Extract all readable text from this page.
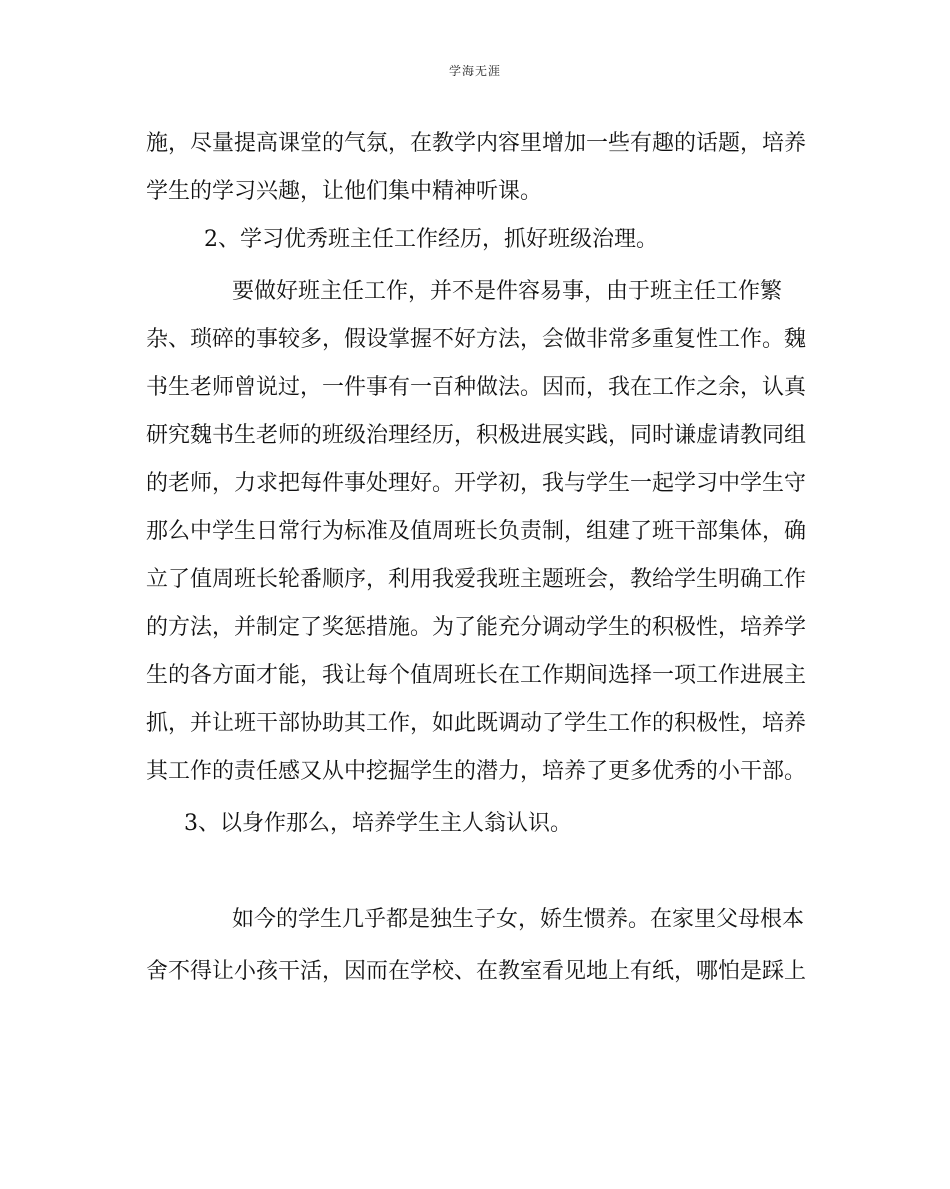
学海无涯
施，尽量提高课堂的气氛，在教学内容里增加一些有趣的话题，培养
学生的学习兴趣，让他们集中精神听课。
2、学习优秀班主任工作经历，抓好班级治理。
要做好班主任工作，并不是件容易事，由于班主任工作繁
杂、琐碎的事较多，假设掌握不好方法，会做非常多重复性工作。魏
书生老师曾说过，一件事有一百种做法。因而，我在工作之余，认真
研究魏书生老师的班级治理经历，积极进展实践，同时谦虚请教同组
的老师，力求把每件事处理好。开学初，我与学生一起学习中学生守
那么中学生日常行为标准及值周班长负责制，组建了班干部集体，确
立了值周班长轮番顺序，利用我爱我班主题班会，教给学生明确工作
的方法，并制定了奖惩措施。为了能充分调动学生的积极性，培养学
生的各方面才能，我让每个值周班长在工作期间选择一项工作进展主
抓，并让班干部协助其工作，如此既调动了学生工作的积极性，培养
其工作的责任感又从中挖掘学生的潜力，培养了更多优秀的小干部。
3、以身作那么，培养学生主人翁认识。
如今的学生几乎都是独生子女，娇生惯养。在家里父母根本
舍不得让小孩干活，因而在学校、在教室看见地上有纸，哪怕是踩上
